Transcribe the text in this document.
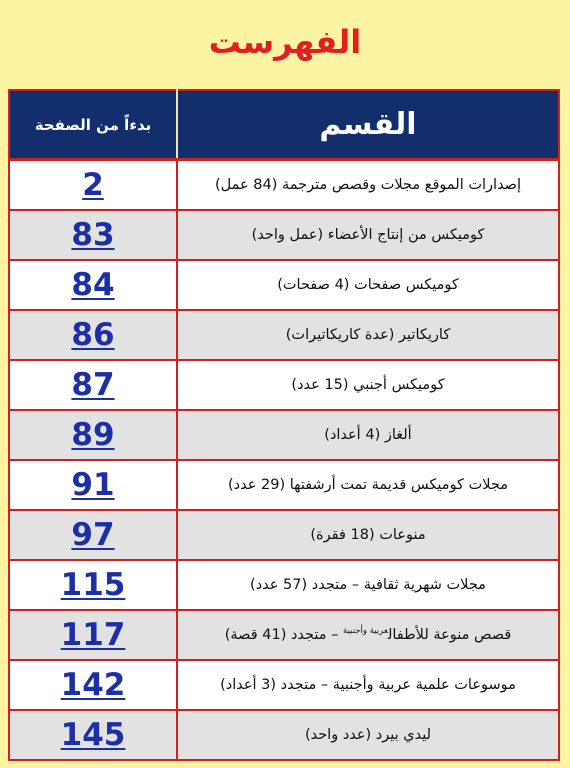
الفهرست
بدءاً من الصفحة	القسم
2	إصدارات الموقع مجلات وقصص مترجمة (84 عمل)
83	كوميكس من إنتاج الأعضاء (عمل واحد)
84	كوميكس صفحات (4 صفحات)
86	كاريكاتير (عدة كاريكاتيرات)
87	كوميكس أجنبي (15 عدد)
89	ألغاز (4 أعداد)
91	مجلات كوميكس قديمة تمت أرشفتها (29 عدد)
97	منوعات (18 فقرة)
115	مجلات شهرية ثقافية – متجدد (57 عدد)
117	قصص منوعة للأطفال$^{عربية وأجنبية}$ – متجدد (41 قصة)
142	موسوعات علمية عربية وأجنبية – متجدد (3 أعداد)
145	ليدي بيرد (عدد واحد)
